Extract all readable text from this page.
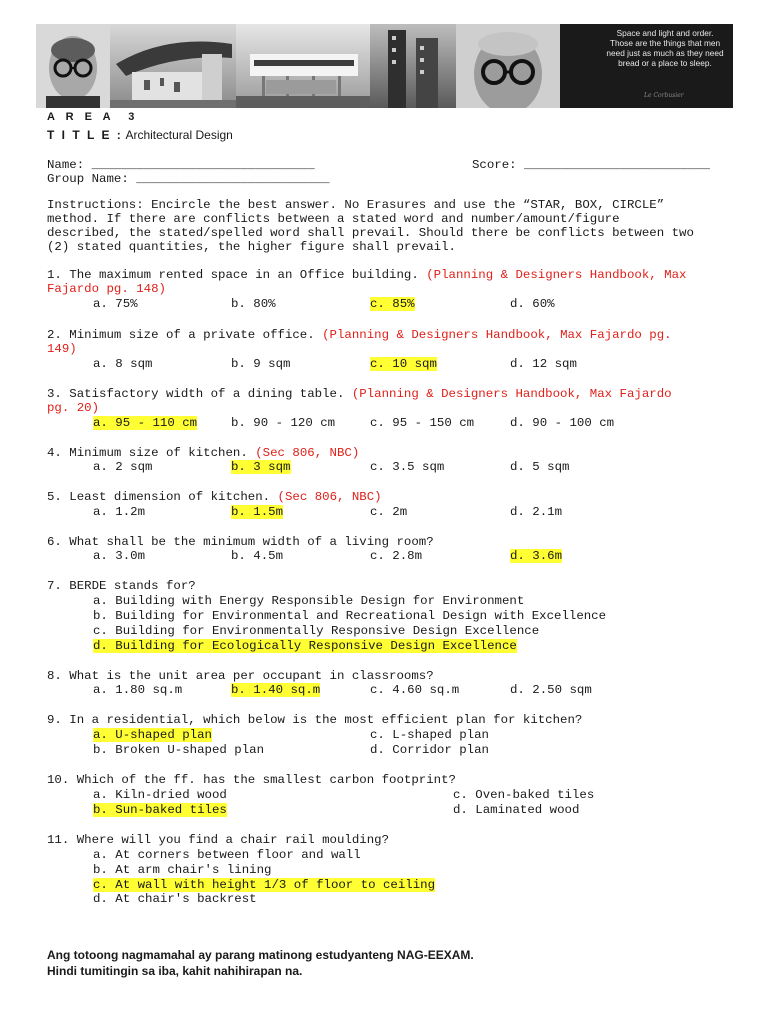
Space and light and order. Those are the things that men need just as much as they need bread or a place to sleep.
Le Corbusier
A R E A  3
T I T L E : Architectural Design
Name: ______________________________	Score: _________________________
Group Name: __________________________
Instructions: Encircle the best answer. No Erasures and use the “STAR, BOX, CIRCLE”
method. If there are conflicts between a stated word and number/amount/figure
described, the stated/spelled word shall prevail. Should there be conflicts between two
(2) stated quantities, the higher figure shall prevail.
1. The maximum rented space in an Office building. (Planning & Designers Handbook, Max
Fajardo pg. 148)
a. 75%	b. 80%	c. 85%	d. 60%
2. Minimum size of a private office. (Planning & Designers Handbook, Max Fajardo pg.
149)
a. 8 sqm	b. 9 sqm	c. 10 sqm	d. 12 sqm
3. Satisfactory width of a dining table. (Planning & Designers Handbook, Max Fajardo
pg. 20)
a. 95 - 110 cm	b. 90 - 120 cm	c. 95 - 150 cm	d. 90 - 100 cm
4. Minimum size of kitchen. (Sec 806, NBC)
a. 2 sqm	b. 3 sqm	c. 3.5 sqm	d. 5 sqm
5. Least dimension of kitchen. (Sec 806, NBC)
a. 1.2m	b. 1.5m	c. 2m	d. 2.1m
6. What shall be the minimum width of a living room?
a. 3.0m	b. 4.5m	c. 2.8m	d. 3.6m
7. BERDE stands for?
a. Building with Energy Responsible Design for Environment
b. Building for Environmental and Recreational Design with Excellence
c. Building for Environmentally Responsive Design Excellence
d. Building for Ecologically Responsive Design Excellence
8. What is the unit area per occupant in classrooms?
a. 1.80 sq.m	b. 1.40 sq.m	c. 4.60 sq.m	d. 2.50 sqm
9. In a residential, which below is the most efficient plan for kitchen?
a. U-shaped plan	c. L-shaped plan
b. Broken U-shaped plan	d. Corridor plan
10. Which of the ff. has the smallest carbon footprint?
a. Kiln-dried wood	c. Oven-baked tiles
b. Sun-baked tiles	d. Laminated wood
11. Where will you find a chair rail moulding?
a. At corners between floor and wall
b. At arm chair's lining
c. At wall with height 1/3 of floor to ceiling
d. At chair's backrest
Ang totoong nagmamahal ay parang matinong estudyanteng NAG-EEXAM.
Hindi tumitingin sa iba, kahit nahihirapan na.
